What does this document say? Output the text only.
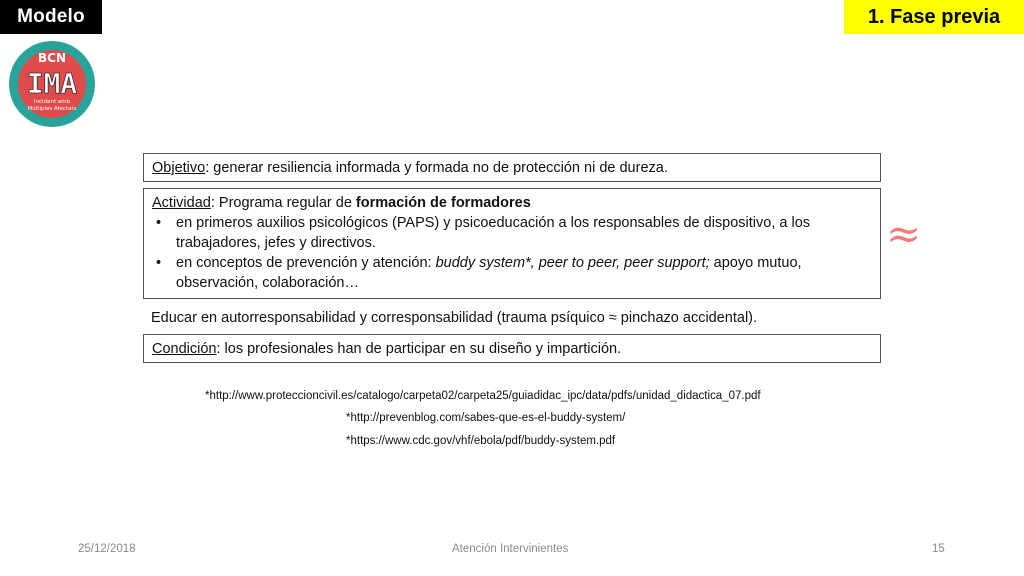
Modelo	1. Fase previa
BCN
IMA
Incident amb
Múltiples Afectats
Objetivo: generar resiliencia informada y formada no de protección ni de dureza.
Actividad: Programa regular de formación de formadores
• en primeros auxilios psicológicos (PAPS) y psicoeducación a los responsables de dispositivo, a los trabajadores, jefes y directivos.
• en conceptos de prevención y atención: buddy system*, peer to peer, peer support; apoyo mutuo, observación, colaboración…
Educar en autorresponsabilidad y corresponsabilidad (trauma psíquico ≈ pinchazo accidental).
Condición: los profesionales han de participar en su diseño y impartición.
≈
*http://www.proteccioncivil.es/catalogo/carpeta02/carpeta25/guiadidac_ipc/data/pdfs/unidad_didactica_07.pdf
*http://prevenblog.com/sabes-que-es-el-buddy-system/
*https://www.cdc.gov/vhf/ebola/pdf/buddy-system.pdf
25/12/2018	Atención Intervinientes	15
